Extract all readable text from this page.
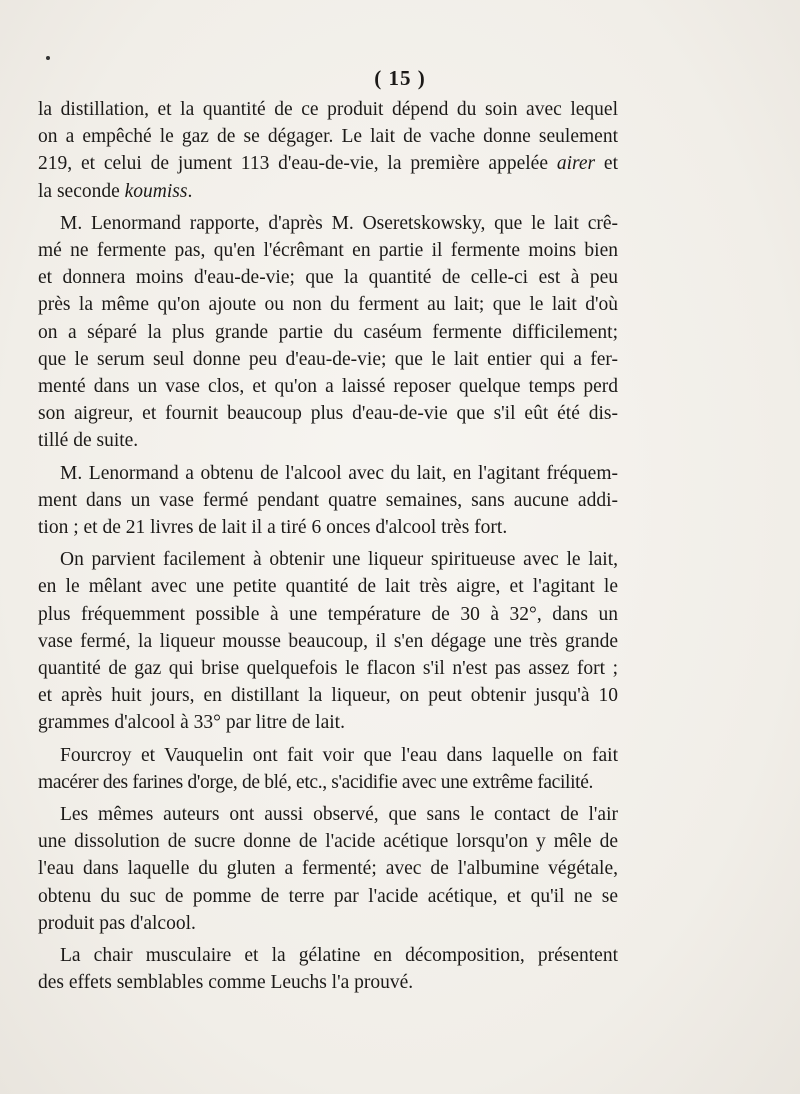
( 15 )

la distillation, et la quantité de ce produit dépend du soin avec lequel
on a empêché le gaz de se dégager. Le lait de vache donne seulement
219, et celui de jument 113 d'eau-de-vie, la première appelée airer et
la seconde koumiss.

M. Lenormand rapporte, d'après M. Oseretskowsky, que le lait crê-
mé ne fermente pas, qu'en l'écrêmant en partie il fermente moins bien
et donnera moins d'eau-de-vie; que la quantité de celle-ci est à peu
près la même qu'on ajoute ou non du ferment au lait; que le lait d'où
on a séparé la plus grande partie du caséum fermente difficilement;
que le serum seul donne peu d'eau-de-vie; que le lait entier qui a fer-
menté dans un vase clos, et qu'on a laissé reposer quelque temps perd
son aigreur, et fournit beaucoup plus d'eau-de-vie que s'il eût été dis-
tillé de suite.

M. Lenormand a obtenu de l'alcool avec du lait, en l'agitant fréquem-
ment dans un vase fermé pendant quatre semaines, sans aucune addi-
tion ; et de 21 livres de lait il a tiré 6 onces d'alcool très fort.

On parvient facilement à obtenir une liqueur spiritueuse avec le lait,
en le mêlant avec une petite quantité de lait très aigre, et l'agitant le
plus fréquemment possible à une température de 30 à 32°, dans un
vase fermé, la liqueur mousse beaucoup, il s'en dégage une très grande
quantité de gaz qui brise quelquefois le flacon s'il n'est pas assez fort ;
et après huit jours, en distillant la liqueur, on peut obtenir jusqu'à 10
grammes d'alcool à 33° par litre de lait.

Fourcroy et Vauquelin ont fait voir que l'eau dans laquelle on fait
macérer des farines d'orge, de blé, etc., s'acidifie avec une extrême facilité.

Les mêmes auteurs ont aussi observé, que sans le contact de l'air
une dissolution de sucre donne de l'acide acétique lorsqu'on y mêle de
l'eau dans laquelle du gluten a fermenté; avec de l'albumine végétale,
obtenu du suc de pomme de terre par l'acide acétique, et qu'il ne se
produit pas d'alcool.

La chair musculaire et la gélatine en décomposition, présentent
des effets semblables comme Leuchs l'a prouvé.
